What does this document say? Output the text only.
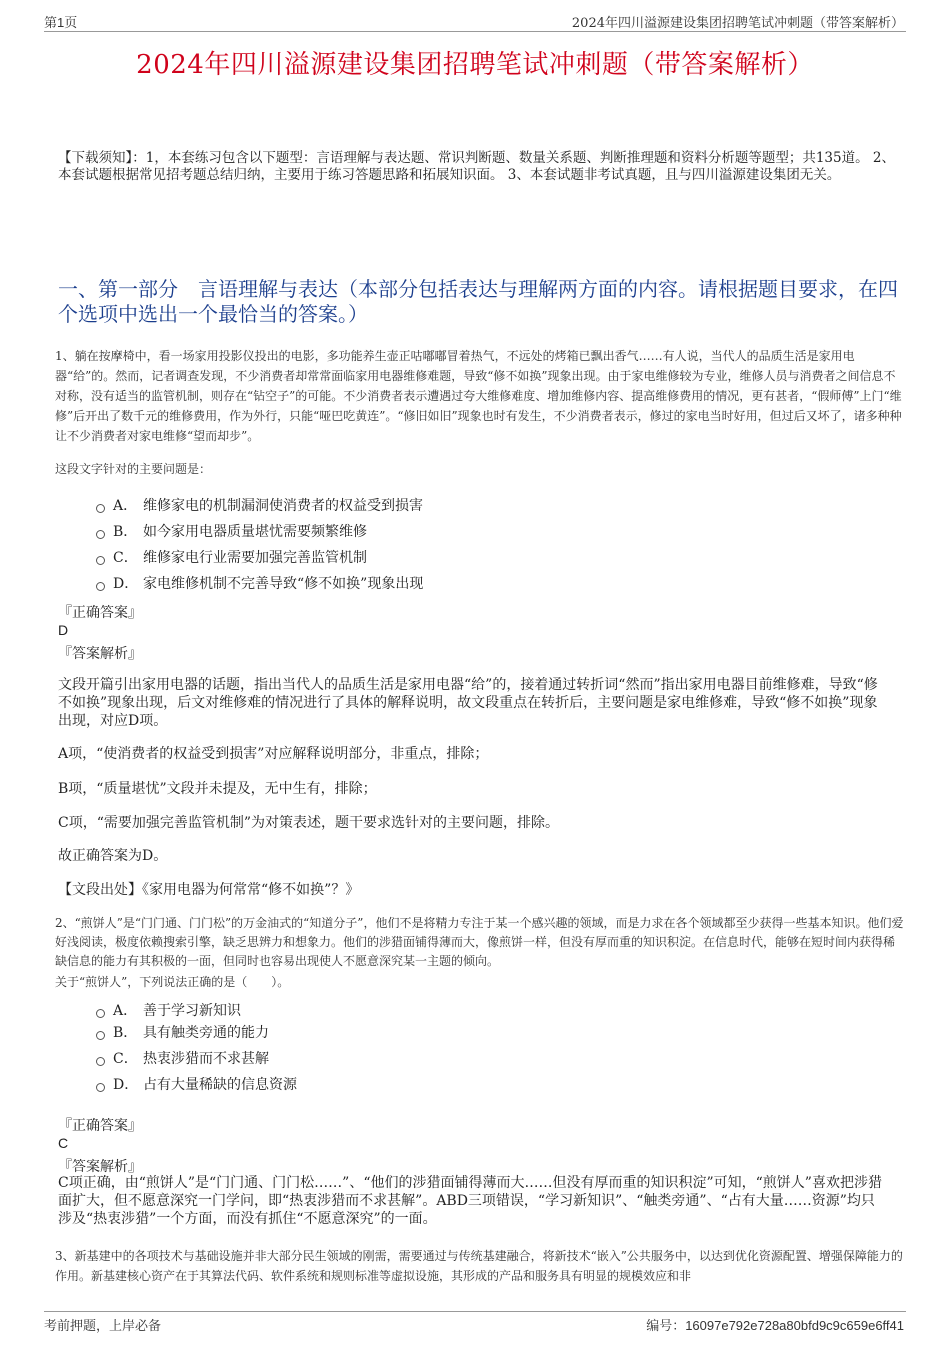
第1页	2024年四川溢源建设集团招聘笔试冲刺题（带答案解析）
2024年四川溢源建设集团招聘笔试冲刺题（带答案解析）
【下载须知】：1，本套练习包含以下题型：言语理解与表达题、常识判断题、数量关系题、判断推理题和资料分析题等题型；共135道。 2、本套试题根据常见招考题总结归纳，主要用于练习答题思路和拓展知识面。 3、本套试题非考试真题，且与四川溢源建设集团无关。
一、第一部分　言语理解与表达（本部分包括表达与理解两方面的内容。请根据题目要求，在四个选项中选出一个最恰当的答案。）
1、躺在按摩椅中，看一场家用投影仪投出的电影，多功能养生壶正咕嘟嘟冒着热气，不远处的烤箱已飘出香气……有人说，当代人的品质生活是家用电器“给”的。然而，记者调查发现，不少消费者却常常面临家用电器维修难题，导致“修不如换”现象出现。由于家电维修较为专业，维修人员与消费者之间信息不对称，没有适当的监管机制，则存在“钻空子”的可能。不少消费者表示遭遇过夸大维修难度、增加维修内容、提高维修费用的情况，更有甚者，“假师傅”上门“维修”后开出了数千元的维修费用，作为外行，只能“哑巴吃黄连”。“修旧如旧”现象也时有发生，不少消费者表示，修过的家电当时好用，但过后又坏了，诸多种种让不少消费者对家电维修“望而却步”。
这段文字针对的主要问题是：
A． 维修家电的机制漏洞使消费者的权益受到损害
B． 如今家用电器质量堪忧需要频繁维修
C． 维修家电行业需要加强完善监管机制
D． 家电维修机制不完善导致“修不如换”现象出现
『正确答案』
D
『答案解析』
文段开篇引出家用电器的话题，指出当代人的品质生活是家用电器“给”的，接着通过转折词“然而”指出家用电器目前维修难，导致“修不如换”现象出现，后文对维修难的情况进行了具体的解释说明，故文段重点在转折后，主要问题是家电维修难，导致“修不如换”现象出现，对应D项。
A项，“使消费者的权益受到损害”对应解释说明部分，非重点，排除；
B项，“质量堪忧”文段并未提及，无中生有，排除；
C项，“需要加强完善监管机制”为对策表述，题干要求选针对的主要问题，排除。
故正确答案为D。
【文段出处】《家用电器为何常常“修不如换”？》
2、“煎饼人”是“门门通、门门松”的万金油式的“知道分子”，他们不是将精力专注于某一个感兴趣的领域，而是力求在各个领域都至少获得一些基本知识。他们爱好浅阅读，极度依赖搜索引擎，缺乏思辨力和想象力。他们的涉猎面铺得薄而大，像煎饼一样，但没有厚而重的知识积淀。在信息时代，能够在短时间内获得稀缺信息的能力有其积极的一面，但同时也容易出现使人不愿意深究某一主题的倾向。
关于“煎饼人”，下列说法正确的是（　　）。
A． 善于学习新知识
B． 具有触类旁通的能力
C． 热衷涉猎而不求甚解
D． 占有大量稀缺的信息资源
『正确答案』
C
『答案解析』
C项正确，由“煎饼人”是“门门通、门门松……”、“他们的涉猎面铺得薄而大……但没有厚而重的知识积淀”可知，“煎饼人”喜欢把涉猎面扩大，但不愿意深究一门学问，即“热衷涉猎而不求甚解”。ABD三项错误，“学习新知识”、“触类旁通”、“占有大量……资源”均只涉及“热衷涉猎”一个方面，而没有抓住“不愿意深究”的一面。
3、新基建中的各项技术与基础设施并非大部分民生领域的刚需，需要通过与传统基建融合，将新技术“嵌入”公共服务中，以达到优化资源配置、增强保障能力的作用。新基建核心资产在于其算法代码、软件系统和规则标准等虚拟设施，其形成的产品和服务具有明显的规模效应和非
考前押题，上岸必备	编号：16097e792e728a80bfd9c9c659e6ff41
